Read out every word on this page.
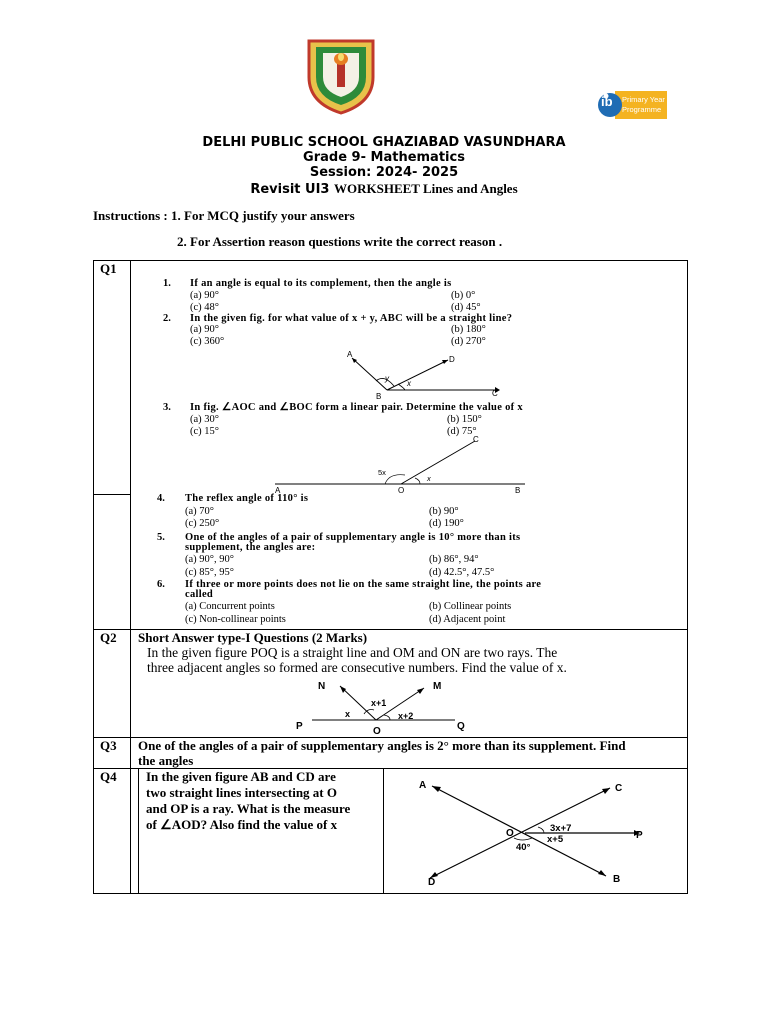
ib Primary Year
Programme
DELHI PUBLIC SCHOOL GHAZIABAD VASUNDHARA
Grade 9- Mathematics
Session: 2024- 2025
Revisit UI3 WORKSHEET Lines and Angles
Instructions : 1. For MCQ justify your answers
2. For Assertion reason questions write the correct reason .
Q1
1. If an angle is equal to its complement, then the angle is
(a) 90°	(b) 0°
(c) 48°	(d) 45°
2. In the given fig. for what value of x + y, ABC will be a straight line?
(a) 90°	(b) 180°
(c) 360°	(d) 270°
A
B	C
D
y
x
3. In fig. ∠AOC and ∠BOC form a linear pair. Determine the value of x
(a) 30°	(b) 150°
(c) 15°	(d) 75°
A	O	B
C
5x
x
4. The reflex angle of 110° is
(a) 70°	(b) 90°
(c) 250°	(d) 190°
5. One of the angles of a pair of supplementary angle is 10° more than its
supplement, the angles are:
(a) 90°, 90°	(b) 86°, 94°
(c) 85°, 95°	(d) 42.5°, 47.5°
6. If three or more points does not lie on the same straight line, the points are
called
(a) Concurrent points	(b) Collinear points
(c) Non-collinear points	(d) Adjacent point
Q2 Short Answer type-I Questions (2 Marks)
In the given figure POQ is a straight line and OM and ON are two rays. The
three adjacent angles so formed are consecutive numbers. Find the value of x.
N	M
P	O	Q
x
x+1
x+2
Q3 One of the angles of a pair of supplementary angles is 2° more than its supplement. Find
the angles
Q4 In the given figure AB and CD are
two straight lines intersecting at O
and OP is a ray. What is the measure
of ∠AOD? Also find the value of x
A	C
D	B
P
O	3x+7
x+5
40°
